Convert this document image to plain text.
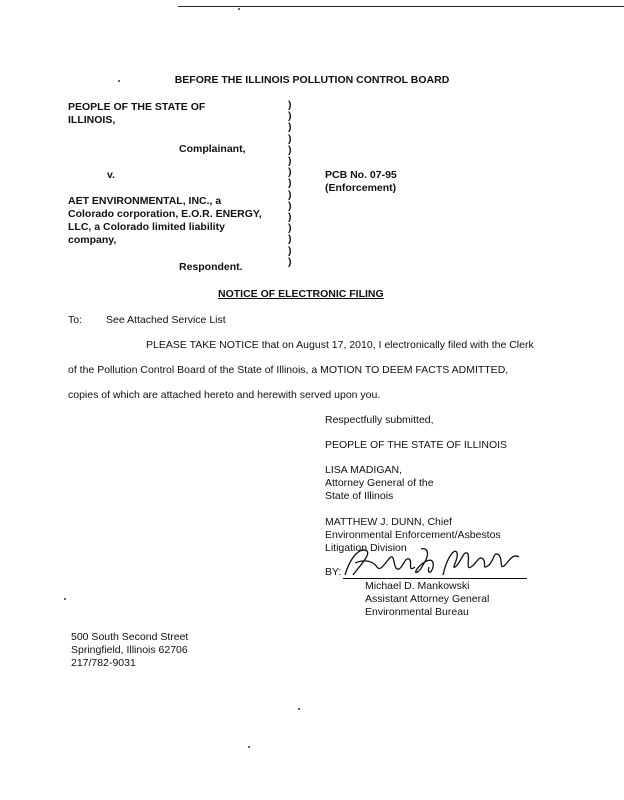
BEFORE THE ILLINOIS POLLUTION CONTROL BOARD
PEOPLE OF THE STATE OF
ILLINOIS,
Complainant,
v.
AET ENVIRONMENTAL, INC., a
Colorado corporation, E.O.R. ENERGY,
LLC, a Colorado limited liability
company,
Respondent.
)
)
)
)
)
)
)
)
)
)
)
)
)
)
)
PCB No. 07-95
(Enforcement)
NOTICE OF ELECTRONIC FILING
To: See Attached Service List
PLEASE TAKE NOTICE that on August 17, 2010, I electronically filed with the Clerk
of the Pollution Control Board of the State of Illinois, a MOTION TO DEEM FACTS ADMITTED,
copies of which are attached hereto and herewith served upon you.
Respectfully submitted,
PEOPLE OF THE STATE OF ILLINOIS
LISA MADIGAN,
Attorney General of the
State of Illinois
MATTHEW J. DUNN, Chief
Environmental Enforcement/Asbestos
Litigation Division
BY:
Michael D. Mankowski
Assistant Attorney General
Environmental Bureau
500 South Second Street
Springfield, Illinois 62706
217/782-9031
